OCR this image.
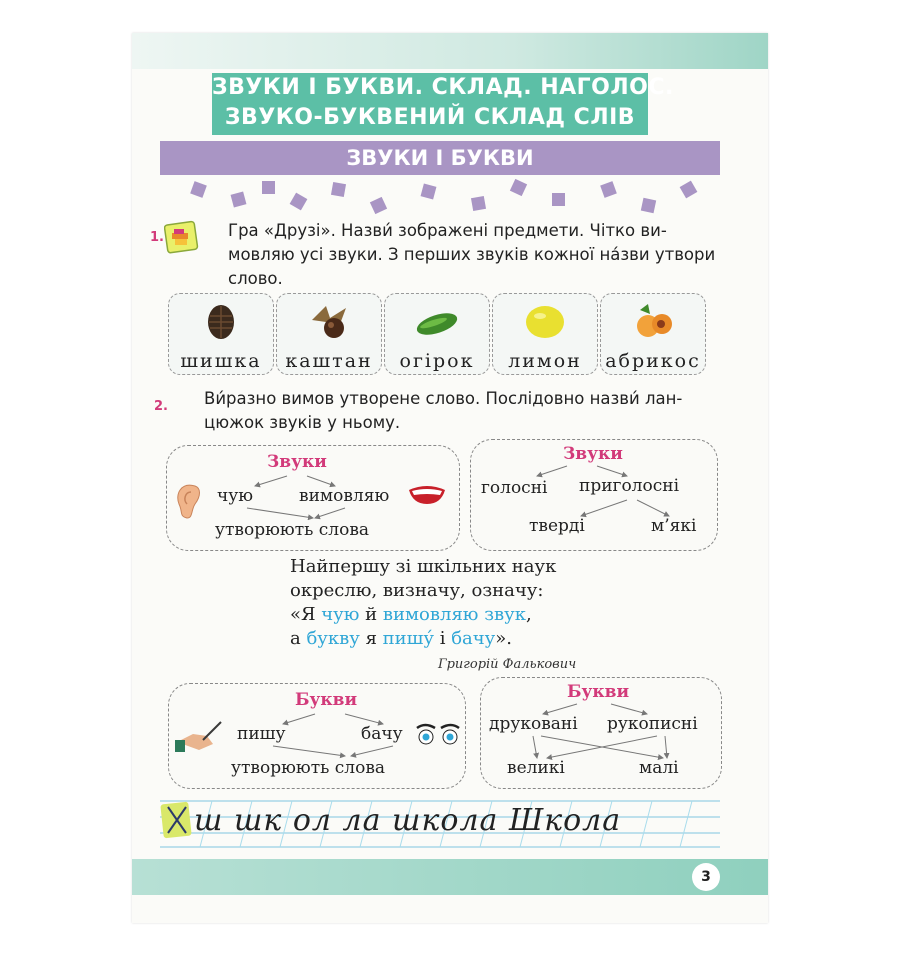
ЗВУКИ І БУКВИ. СКЛАД. НАГОЛОС.
ЗВУКО-БУКВЕНИЙ СКЛАД СЛІВ
ЗВУКИ І БУКВИ
1.	Гра «Друзі». Назви́ зображені предмети. Чітко вимовляю усі звуки. З перших звуків кожної на́зви утвори слово.
шишка	каштан	огірок	лимон	абрикос
2. Ви́разно вимов утворене слово. Послідовно назви́ ланцюжок звуків у ньому.
Звуки
чую	вимовляю
утворюють слова
Звуки
голосні приголосні
тверді	м’які
Найпершу зі шкільних наук
окреслю, визначу, означу:
«Я чую й вимовляю звук,
а букву я пишу́ і бачу».
Григорій Фалькович
Букви
пишу	бачу
утворюють слова
Букви
друковані рукописні
великі	малі
ш шк ол ла школа Школа
3
